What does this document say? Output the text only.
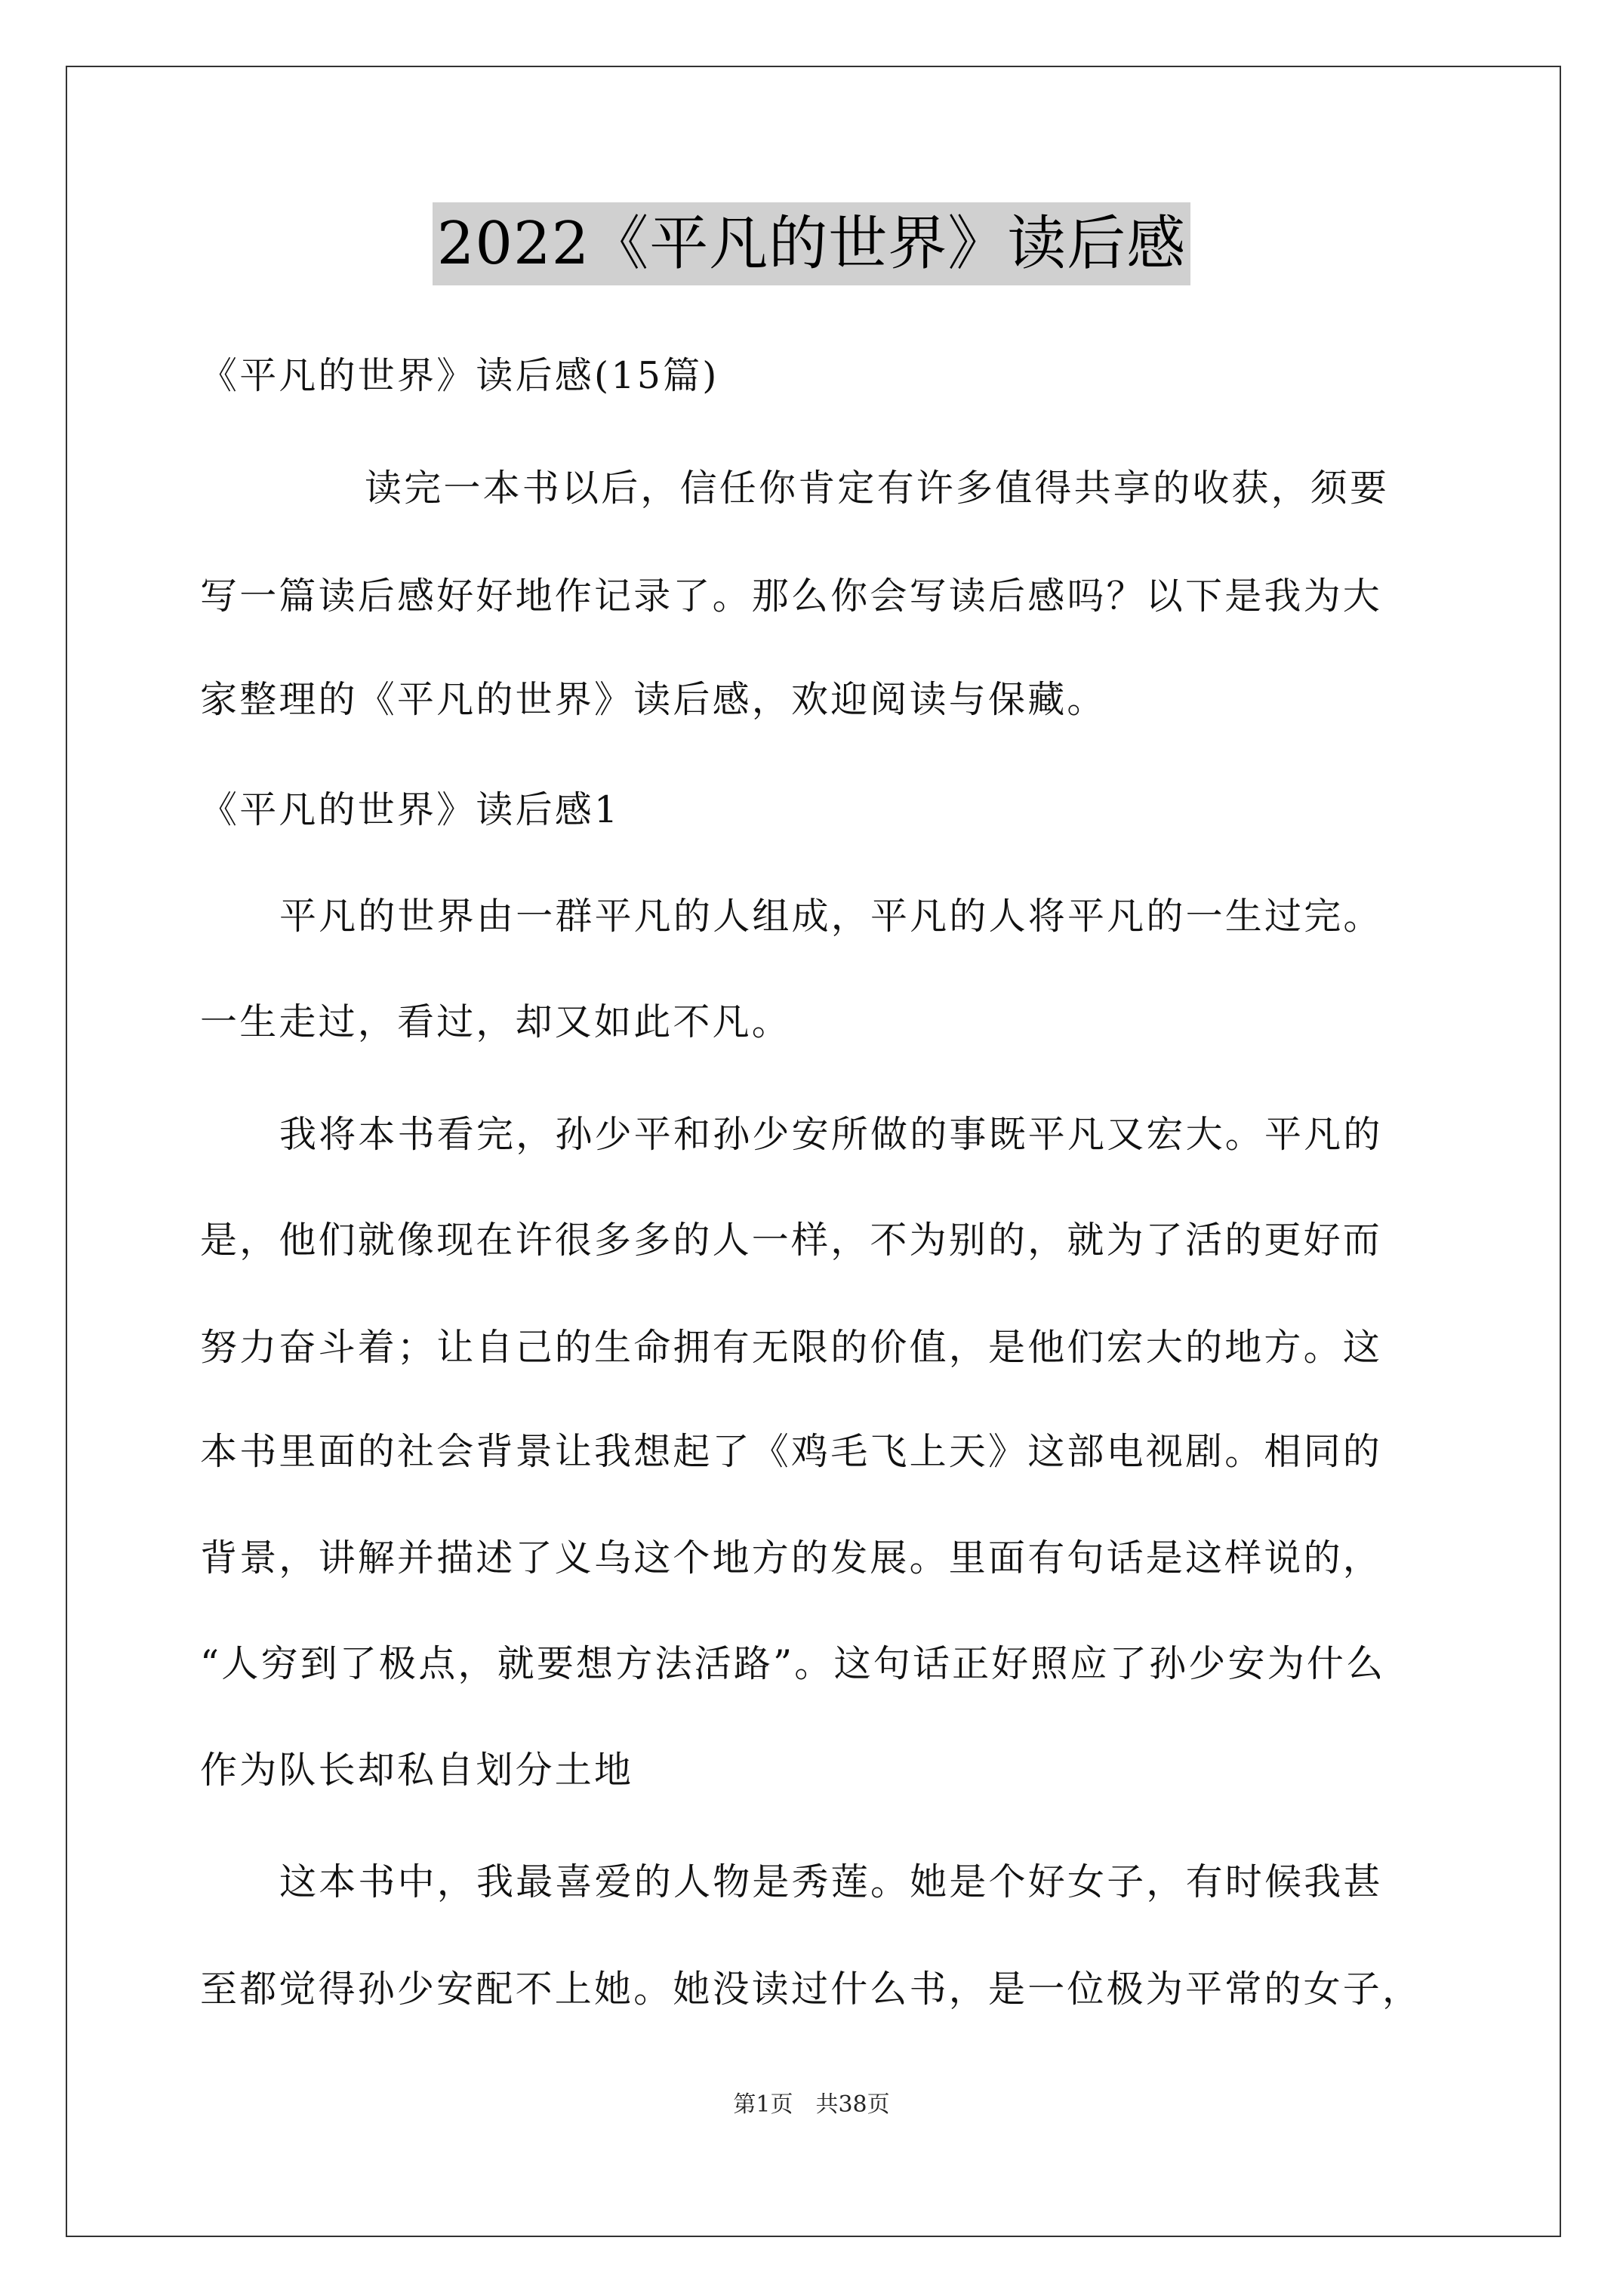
2022《平凡的世界》读后感
《平凡的世界》读后感(15篇)
读完一本书以后，信任你肯定有许多值得共享的收获，须要
写一篇读后感好好地作记录了。那么你会写读后感吗？以下是我为大
家整理的《平凡的世界》读后感，欢迎阅读与保藏。
《平凡的世界》读后感1
平凡的世界由一群平凡的人组成，平凡的人将平凡的一生过完。
一生走过，看过，却又如此不凡。
我将本书看完，孙少平和孙少安所做的事既平凡又宏大。平凡的
是，他们就像现在许很多多的人一样，不为别的，就为了活的更好而
努力奋斗着；让自己的生命拥有无限的价值，是他们宏大的地方。这
本书里面的社会背景让我想起了《鸡毛飞上天》这部电视剧。相同的
背景，讲解并描述了义乌这个地方的发展。里面有句话是这样说的，
“人穷到了极点，就要想方法活路”。这句话正好照应了孙少安为什么
作为队长却私自划分土地
这本书中，我最喜爱的人物是秀莲。她是个好女子，有时候我甚
至都觉得孙少安配不上她。她没读过什么书，是一位极为平常的女子，
第1页　共38页
